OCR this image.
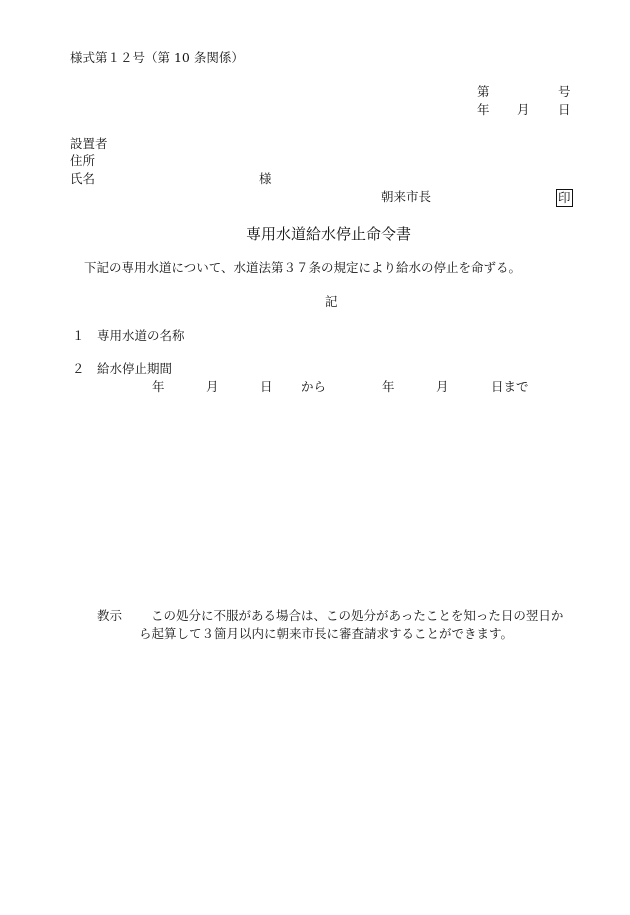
様式第１２号（第 10 条関係）
第	号
年 月 日
設置者
住所
氏名	様
朝来市長	印
専用水道給水停止命令書
下記の専用水道について、水道法第３７条の規定により給水の停止を命ずる。
記
１ 専用水道の名称
２ 給水停止期間
年	月	日 から	年	月	日まで
教示 この処分に不服がある場合は、この処分があったことを知った日の翌日か
ら起算して３箇月以内に朝来市長に審査請求することができます。
